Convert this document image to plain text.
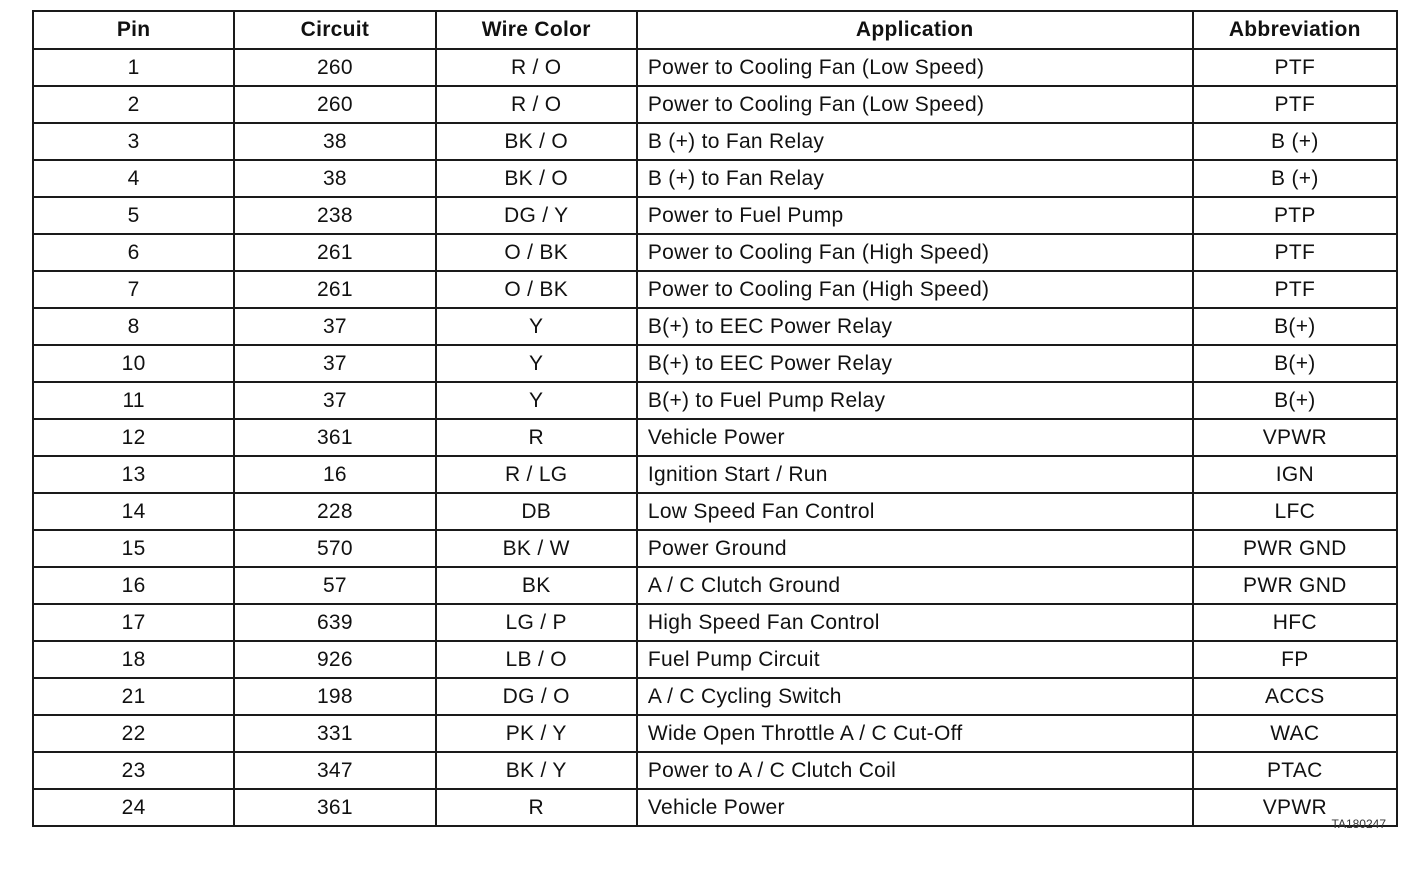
Pin	Circuit	Wire Color	Application	Abbreviation
1	260	R / O	Power to Cooling Fan (Low Speed)	PTF
2	260	R / O	Power to Cooling Fan (Low Speed)	PTF
3	38	BK / O	B (+) to Fan Relay	B (+)
4	38	BK / O	B (+) to Fan Relay	B (+)
5	238	DG / Y	Power to Fuel Pump	PTP
6	261	O / BK	Power to Cooling Fan (High Speed)	PTF
7	261	O / BK	Power to Cooling Fan (High Speed)	PTF
8	37	Y	B(+) to EEC Power Relay	B(+)
10	37	Y	B(+) to EEC Power Relay	B(+)
11	37	Y	B(+) to Fuel Pump Relay	B(+)
12	361	R	Vehicle Power	VPWR
13	16	R / LG	Ignition Start / Run	IGN
14	228	DB	Low Speed Fan Control	LFC
15	570	BK / W	Power Ground	PWR GND
16	57	BK	A / C Clutch Ground	PWR GND
17	639	LG / P	High Speed Fan Control	HFC
18	926	LB / O	Fuel Pump Circuit	FP
21	198	DG / O	A / C Cycling Switch	ACCS
22	331	PK / Y	Wide Open Throttle A / C Cut-Off	WAC
23	347	BK / Y	Power to A / C Clutch Coil	PTAC
24	361	R	Vehicle Power	VPWR
TA180247
